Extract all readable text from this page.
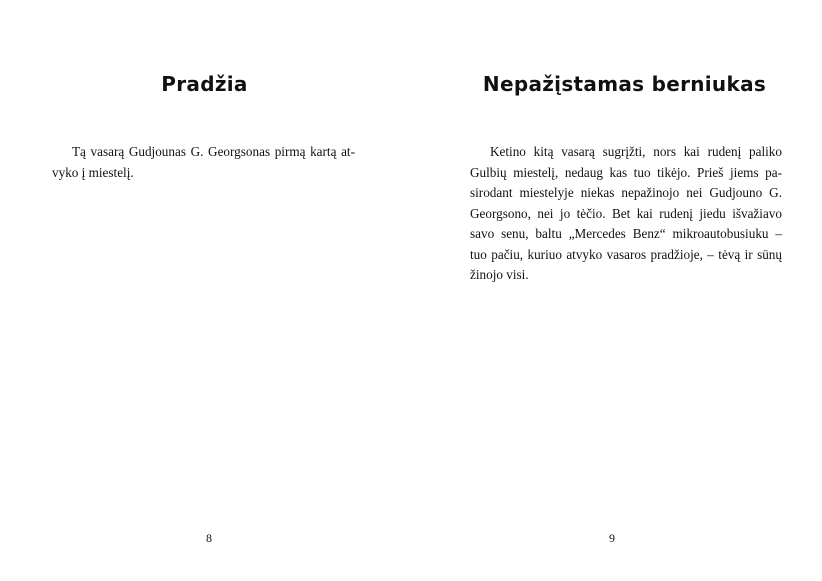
Pradžia
Tą vasarą Gudjounas G. Georgsonas pirmą kartą at-
vyko į miestelį.

8

Nepažįstamas berniukas
Ketino kitą vasarą sugrįžti, nors kai rudenį paliko
Gulbių miestelį, nedaug kas tuo tikėjo. Prieš jiems pa-
sirodant miestelyje niekas nepažinojo nei Gudjouno G.
Georgsono, nei jo tėčio. Bet kai rudenį jiedu išvažiavo
savo senu, baltu „Mercedes Benz“ mikroautobusiuku –
tuo pačiu, kuriuo atvyko vasaros pradžioje, – tėvą ir sūnų
žinojo visi.

9
